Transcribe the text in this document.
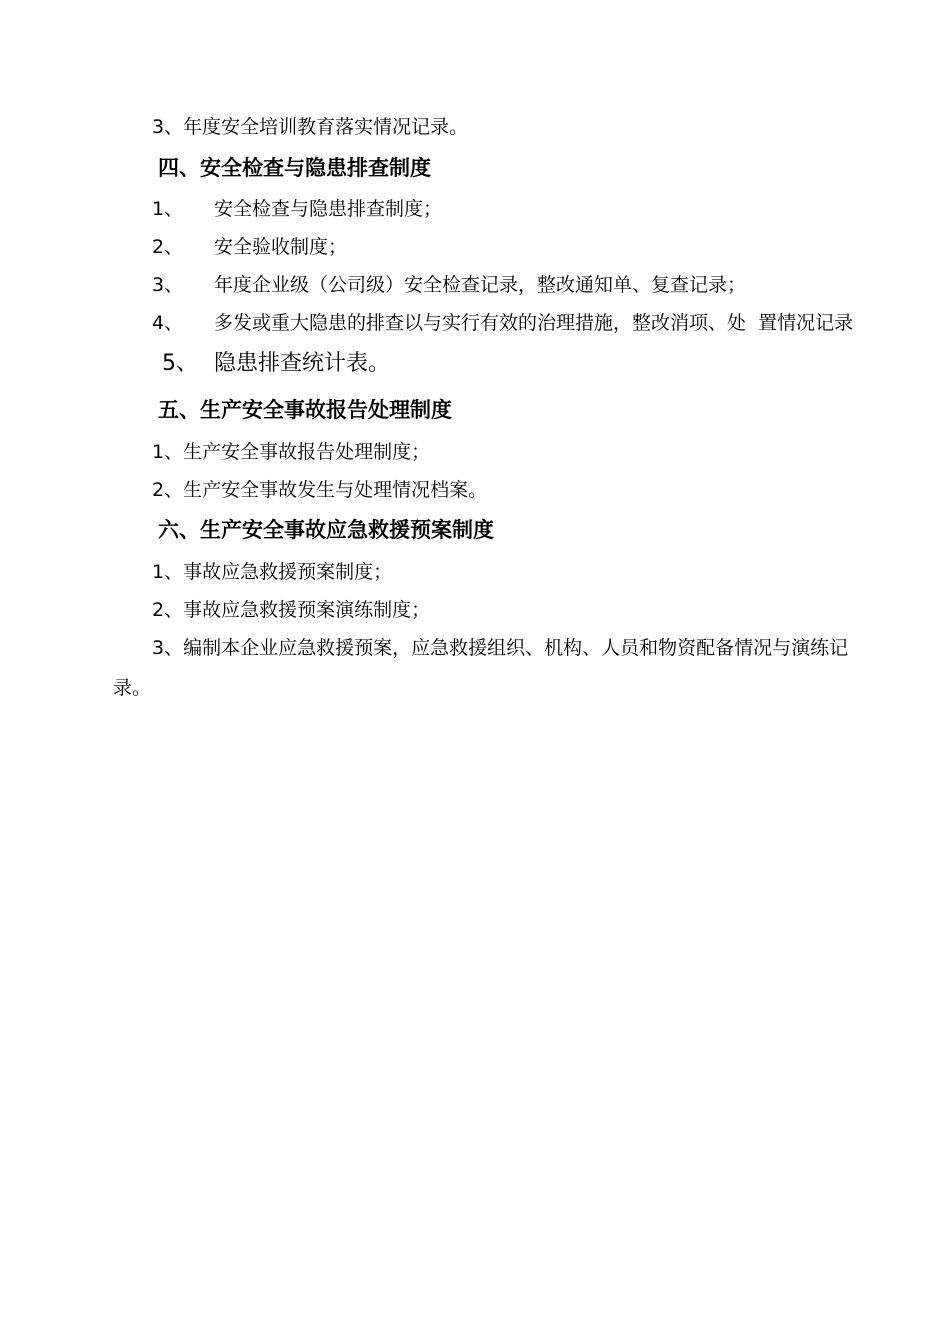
3、年度安全培训教育落实情况记录。
四、安全检查与隐患排查制度
1、 安全检查与隐患排查制度；
2、 安全验收制度；
3、 年度企业级（公司级）安全检查记录，整改通知单、复查记录；
4、 多发或重大隐患的排查以与实行有效的治理措施，整改消项、处  置情况记录
5、 隐患排查统计表。
五、生产安全事故报告处理制度
1、生产安全事故报告处理制度；
2、生产安全事故发生与处理情况档案。
六、生产安全事故应急救援预案制度
1、事故应急救援预案制度；
2、事故应急救援预案演练制度；
3、编制本企业应急救援预案，应急救援组织、机构、人员和物资配备情况与演练记
录。
